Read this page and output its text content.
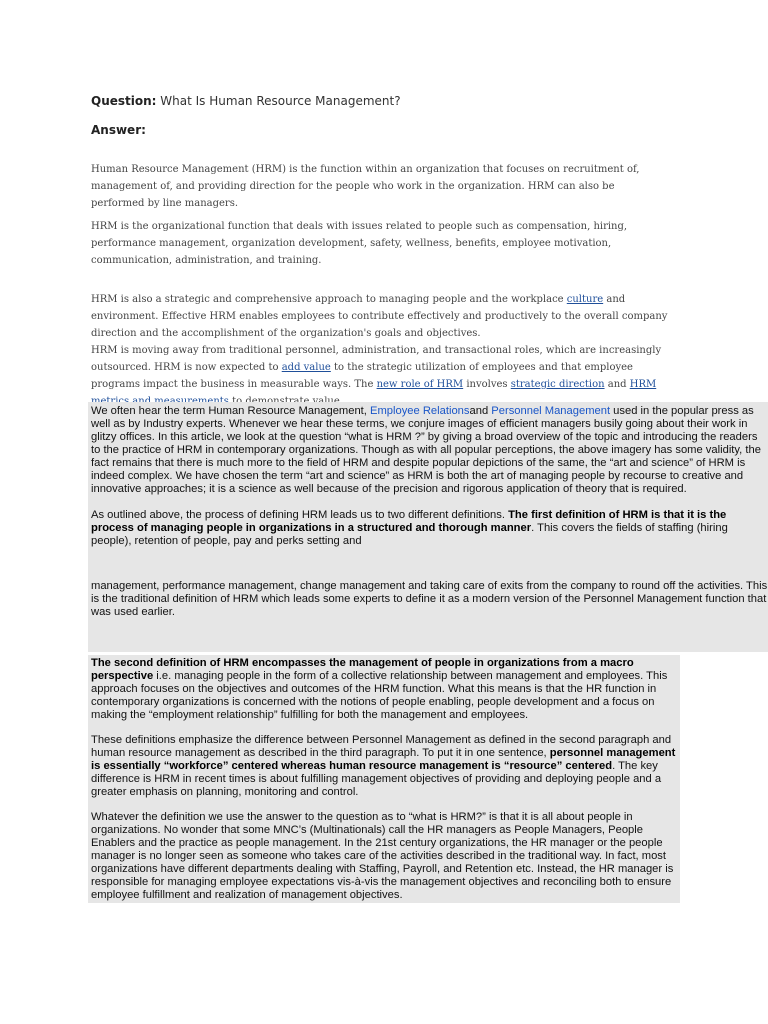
Question: What Is Human Resource Management?
Answer:
Human Resource Management (HRM) is the function within an organization that focuses on recruitment of, management of, and providing direction for the people who work in the organization. HRM can also be performed by line managers.
HRM is the organizational function that deals with issues related to people such as compensation, hiring, performance management, organization development, safety, wellness, benefits, employee motivation, communication, administration, and training.
HRM is also a strategic and comprehensive approach to managing people and the workplace culture and environment. Effective HRM enables employees to contribute effectively and productively to the overall company direction and the accomplishment of the organization's goals and objectives.
HRM is moving away from traditional personnel, administration, and transactional roles, which are increasingly outsourced. HRM is now expected to add value to the strategic utilization of employees and that employee programs impact the business in measurable ways. The new role of HRM involves strategic direction and HRM
We often hear the term Human Resource Management, Employee Relationsand Personnel Management used in the popular press as well as by Industry experts. Whenever we hear these terms, we conjure images of efficient managers busily going about their work in glitzy offices. In this article, we look at the question “what is HRM ?” by giving a broad overview of the topic and introducing the readers to the practice of HRM in contemporary organizations. Though as with all popular perceptions, the above imagery has some validity, the fact remains that there is much more to the field of HRM and despite popular depictions of the same, the “art and science” of HRM is indeed complex. We have chosen the term “art and science” as HRM is both the art of managing people by recourse to creative and innovative approaches; it is a science as well because of the precision and rigorous application of theory that is required.
As outlined above, the process of defining HRM leads us to two different definitions. The first definition of HRM is that it is the process of managing people in organizations in a structured and thorough manner. This covers the fields of staffing (hiring people), retention of people, pay and perks setting and
management, performance management, change management and taking care of exits from the company to round off the activities. This
is the traditional definition of HRM which leads some experts to define it as a modern version of the Personnel Management function that
was used earlier.
The second definition of HRM encompasses the management of people in organizations from a macro perspective i.e. managing people in the form of a collective relationship between management and employees. This approach focuses on the objectives and outcomes of the HRM function. What this means is that the HR function in contemporary organizations is concerned with the notions of people enabling, people development and a focus on making the “employment relationship” fulfilling for both the management and employees.
These definitions emphasize the difference between Personnel Management as defined in the second paragraph and human resource management as described in the third paragraph. To put it in one sentence, personnel management is essentially “workforce” centered whereas human resource management is “resource” centered. The key difference is HRM in recent times is about fulfilling management objectives of providing and deploying people and a greater emphasis on planning, monitoring and control.
Whatever the definition we use the answer to the question as to “what is HRM?” is that it is all about people in organizations. No wonder that some MNC’s (Multinationals) call the HR managers as People Managers, People Enablers and the practice as people management. In the 21st century organizations, the HR manager or the people manager is no longer seen as someone who takes care of the activities described in the traditional way. In fact, most organizations have different departments dealing with Staffing, Payroll, and Retention etc. Instead, the HR manager is responsible for managing employee expectations vis-à-vis the management objectives and reconciling both to ensure employee fulfillment and realization of management objectives.
